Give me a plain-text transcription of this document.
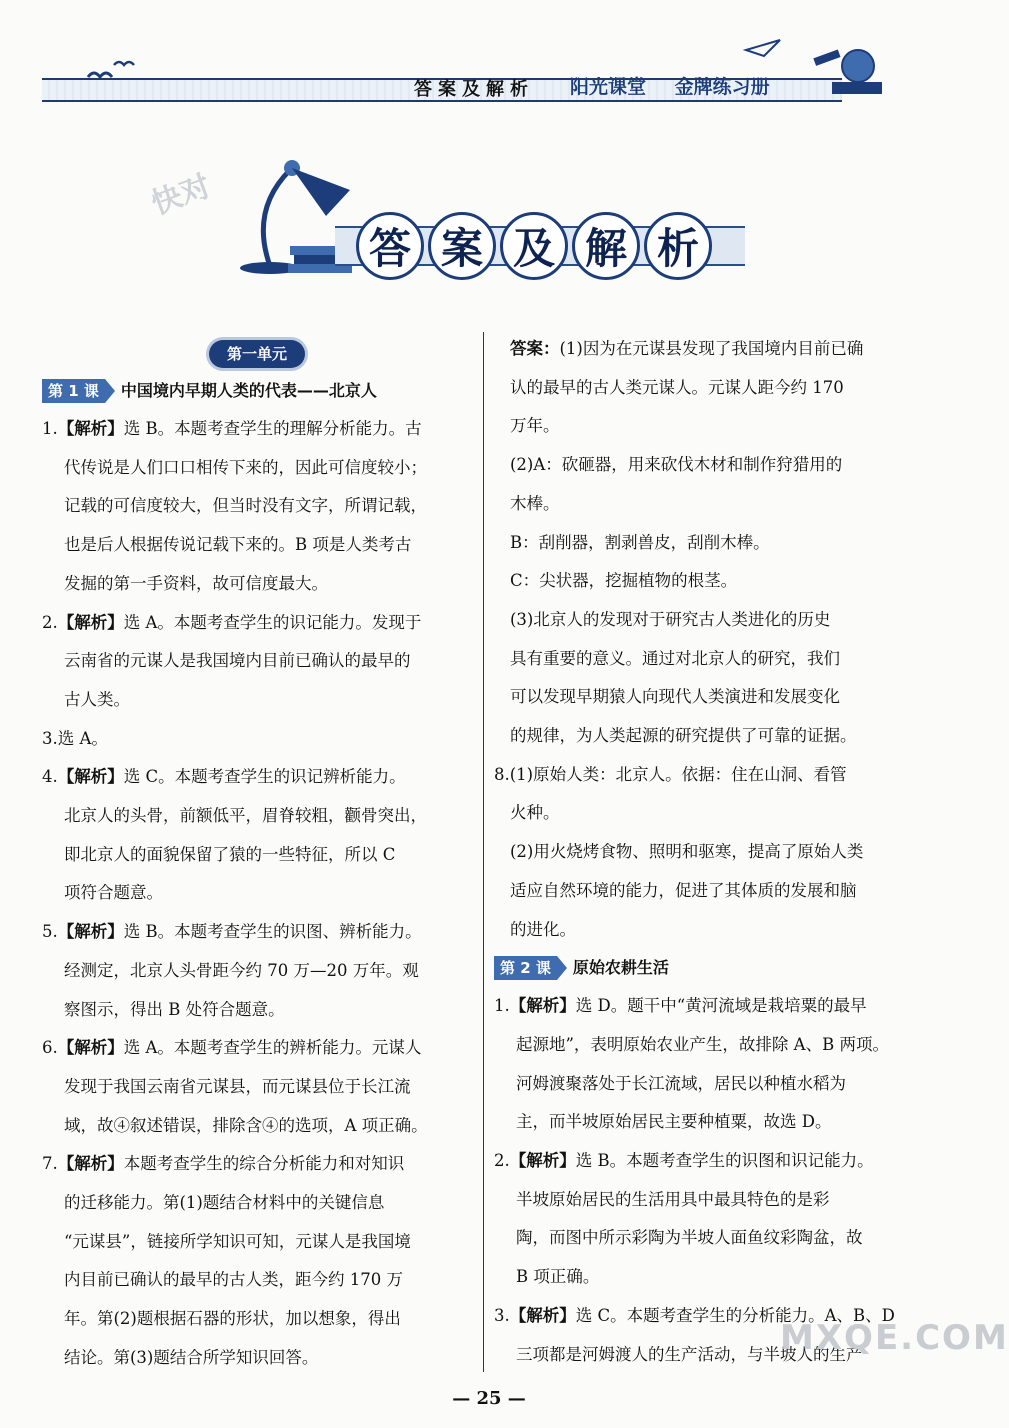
答案及解析 阳光课堂 金牌练习册
答 案 及 解 析
快对
第一单元
第 1 课	中国境内早期人类的代表——北京人
1.【解析】选 B。本题考查学生的理解分析能力。古
代传说是人们口口相传下来的，因此可信度较小；
记载的可信度较大，但当时没有文字，所谓记载，
也是后人根据传说记载下来的。B 项是人类考古
发掘的第一手资料，故可信度最大。
2.【解析】选 A。本题考查学生的识记能力。发现于
云南省的元谋人是我国境内目前已确认的最早的
古人类。
3.选 A。
4.【解析】选 C。本题考查学生的识记辨析能力。
北京人的头骨，前额低平，眉脊较粗，颧骨突出，
即北京人的面貌保留了猿的一些特征，所以 C
项符合题意。
5.【解析】选 B。本题考查学生的识图、辨析能力。
经测定，北京人头骨距今约 70 万—20 万年。观
察图示，得出 B 处符合题意。
6.【解析】选 A。本题考查学生的辨析能力。元谋人
发现于我国云南省元谋县，而元谋县位于长江流
域，故④叙述错误，排除含④的选项，A 项正确。
7.【解析】本题考查学生的综合分析能力和对知识
的迁移能力。第(1)题结合材料中的关键信息
“元谋县”，链接所学知识可知，元谋人是我国境
内目前已确认的最早的古人类，距今约 170 万
年。第(2)题根据石器的形状，加以想象，得出
结论。第(3)题结合所学知识回答。
答案：(1)因为在元谋县发现了我国境内目前已确
认的最早的古人类元谋人。元谋人距今约 170
万年。
(2)A：砍砸器，用来砍伐木材和制作狩猎用的
木棒。
B：刮削器，割剥兽皮，刮削木棒。
C：尖状器，挖掘植物的根茎。
(3)北京人的发现对于研究古人类进化的历史
具有重要的意义。通过对北京人的研究，我们
可以发现早期猿人向现代人类演进和发展变化
的规律，为人类起源的研究提供了可靠的证据。
8.(1)原始人类：北京人。依据：住在山洞、看管
火种。
(2)用火烧烤食物、照明和驱寒，提高了原始人类
适应自然环境的能力，促进了其体质的发展和脑
的进化。
第 2 课	原始农耕生活
1.【解析】选 D。题干中“黄河流域是栽培粟的最早
起源地”，表明原始农业产生，故排除 A、B 两项。
河姆渡聚落处于长江流域，居民以种植水稻为
主，而半坡原始居民主要种植粟，故选 D。
2.【解析】选 B。本题考查学生的识图和识记能力。
半坡原始居民的生活用具中最具特色的是彩
陶，而图中所示彩陶为半坡人面鱼纹彩陶盆，故
B 项正确。
3.【解析】选 C。本题考查学生的分析能力。A、B、D
三项都是河姆渡人的生产活动，与半坡人的生产
— 25 —
MXQE.COM
